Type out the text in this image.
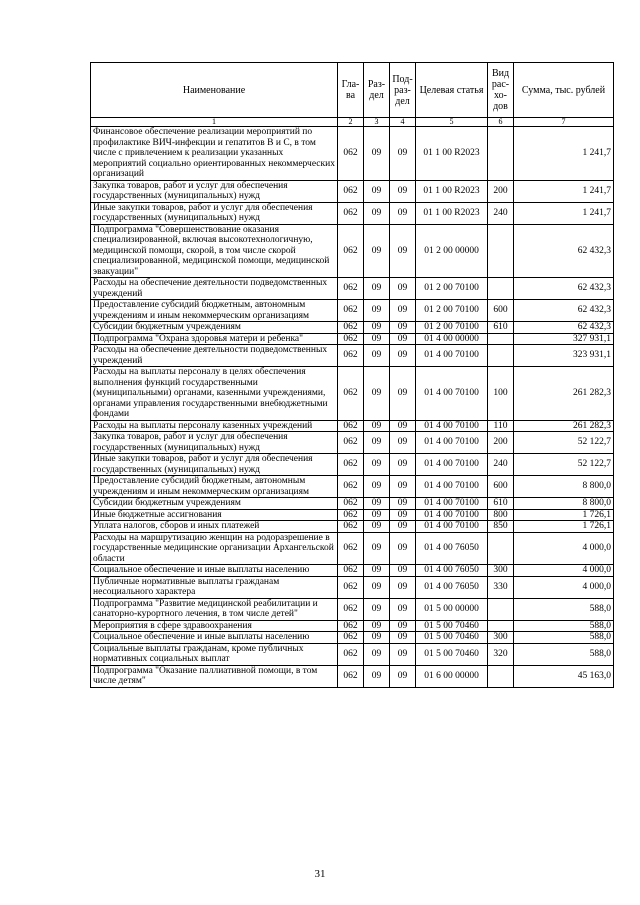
Наименование	Гла-ва	Раз-дел	Под-раз-дел	Целевая статья	Вид рас-хо-дов	Сумма, тыс. рублей
1	2	3	4	5	6	7
Финансовое обеспечение реализации мероприятий по профилактике ВИЧ-инфекции и гепатитов В и С, в том числе с привлечением к реализации указанных мероприятий социально ориентированных некоммерческих организаций	062	09	09	01 1 00 R2023		1 241,7
Закупка товаров, работ и услуг для обеспечения государственных (муниципальных) нужд	062	09	09	01 1 00 R2023	200	1 241,7
Иные закупки товаров, работ и услуг для обеспечения государственных (муниципальных) нужд	062	09	09	01 1 00 R2023	240	1 241,7
Подпрограмма "Совершенствование оказания специализированной, включая высокотехнологичную, медицинской помощи, скорой, в том числе скорой специализированной, медицинской помощи, медицинской эвакуации"	062	09	09	01 2 00 00000		62 432,3
Расходы на обеспечение деятельности подведомственных учреждений	062	09	09	01 2 00 70100		62 432,3
Предоставление субсидий бюджетным, автономным учреждениям и иным некоммерческим организациям	062	09	09	01 2 00 70100	600	62 432,3
Субсидии бюджетным учреждениям	062	09	09	01 2 00 70100	610	62 432,3
Подпрограмма "Охрана здоровья матери и ребенка"	062	09	09	01 4 00 00000		327 931,1
Расходы на обеспечение деятельности подведомственных учреждений	062	09	09	01 4 00 70100		323 931,1
Расходы на выплаты персоналу в целях обеспечения выполнения функций государственными (муниципальными) органами, казенными учреждениями, органами управления государственными внебюджетными фондами	062	09	09	01 4 00 70100	100	261 282,3
Расходы на выплаты персоналу казенных учреждений	062	09	09	01 4 00 70100	110	261 282,3
Закупка товаров, работ и услуг для обеспечения государственных (муниципальных) нужд	062	09	09	01 4 00 70100	200	52 122,7
Иные закупки товаров, работ и услуг для обеспечения государственных (муниципальных) нужд	062	09	09	01 4 00 70100	240	52 122,7
Предоставление субсидий бюджетным, автономным учреждениям и иным некоммерческим организациям	062	09	09	01 4 00 70100	600	8 800,0
Субсидии бюджетным учреждениям	062	09	09	01 4 00 70100	610	8 800,0
Иные бюджетные ассигнования	062	09	09	01 4 00 70100	800	1 726,1
Уплата налогов, сборов и иных платежей	062	09	09	01 4 00 70100	850	1 726,1
Расходы на маршрутизацию женщин на родоразрешение в государственные медицинские организации Архангельской области	062	09	09	01 4 00 76050		4 000,0
Социальное обеспечение и иные выплаты населению	062	09	09	01 4 00 76050	300	4 000,0
Публичные нормативные выплаты гражданам несоциального характера	062	09	09	01 4 00 76050	330	4 000,0
Подпрограмма "Развитие медицинской реабилитации и санаторно-курортного лечения, в том числе детей"	062	09	09	01 5 00 00000		588,0
Мероприятия в сфере здравоохранения	062	09	09	01 5 00 70460		588,0
Социальное обеспечение и иные выплаты населению	062	09	09	01 5 00 70460	300	588,0
Социальные выплаты гражданам, кроме публичных нормативных социальных выплат	062	09	09	01 5 00 70460	320	588,0
Подпрограмма "Оказание паллиативной помощи, в том числе детям"	062	09	09	01 6 00 00000		45 163,0
31
